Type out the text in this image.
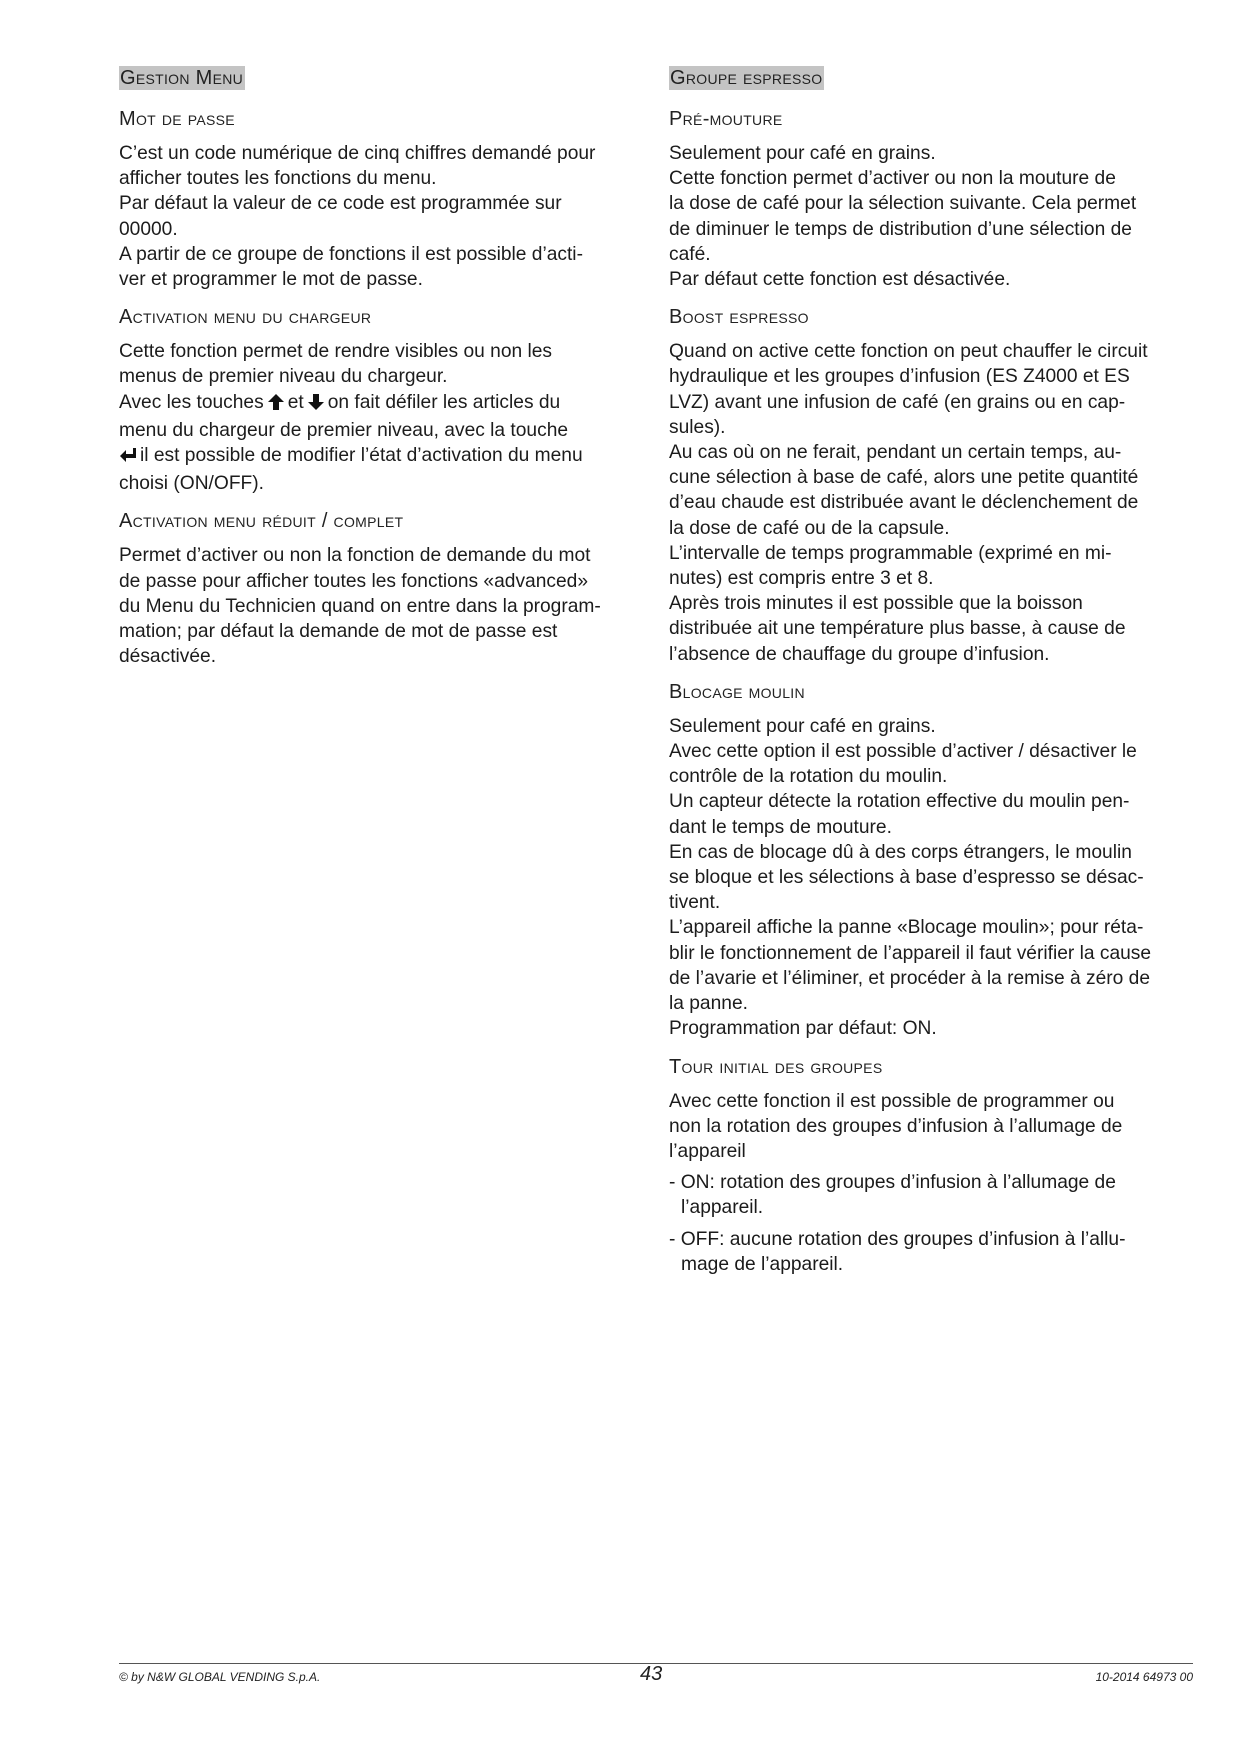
Gestion Menu
Mot de passe
C’est un code numérique de cinq chiffres demandé pour
afficher toutes les fonctions du menu.
Par défaut la valeur de ce code est programmée sur
00000.
A partir de ce groupe de fonctions il est possible d’acti-
ver et programmer le mot de passe.
Activation menu du chargeur
Cette fonction permet de rendre visibles ou non les
menus de premier niveau du chargeur.
Avec les touches et on fait défiler les articles du
menu du chargeur de premier niveau, avec la touche
il est possible de modifier l’état d’activation du menu
choisi (ON/OFF).
Activation menu réduit / complet
Permet d’activer ou non la fonction de demande du mot
de passe pour afficher toutes les fonctions «advanced»
du Menu du Technicien quand on entre dans la program-
mation; par défaut la demande de mot de passe est
désactivée.
Groupe espresso
Pré-mouture
Seulement pour café en grains.
Cette fonction permet d’activer ou non la mouture de
la dose de café pour la sélection suivante. Cela permet
de diminuer le temps de distribution d’une sélection de
café.
Par défaut cette fonction est désactivée.
Boost espresso
Quand on active cette fonction on peut chauffer le circuit
hydraulique et les groupes d’infusion (ES Z4000 et ES
LVZ) avant une infusion de café (en grains ou en cap-
sules).
Au cas où on ne ferait, pendant un certain temps, au-
cune sélection à base de café, alors une petite quantité
d’eau chaude est distribuée avant le déclenchement de
la dose de café ou de la capsule.
L’intervalle de temps programmable (exprimé en mi-
nutes) est compris entre 3 et 8.
Après trois minutes il est possible que la boisson
distribuée ait une température plus basse, à cause de
l’absence de chauffage du groupe d’infusion.
Blocage moulin
Seulement pour café en grains.
Avec cette option il est possible d’activer / désactiver le
contrôle de la rotation du moulin.
Un capteur détecte la rotation effective du moulin pen-
dant le temps de mouture.
En cas de blocage dû à des corps étrangers, le moulin
se bloque et les sélections à base d’espresso se désac-
tivent.
L’appareil affiche la panne «Blocage moulin»; pour réta-
blir le fonctionnement de l’appareil il faut vérifier la cause
de l’avarie et l’éliminer, et procéder à la remise à zéro de
la panne.
Programmation par défaut: ON.
Tour initial des groupes
Avec cette fonction il est possible de programmer ou
non la rotation des groupes d’infusion à l’allumage de
l’appareil
- ON: rotation des groupes d’infusion à l’allumage de
l’appareil.
- OFF: aucune rotation des groupes d’infusion à l’allu-
mage de l’appareil.
© by N&W GLOBAL VENDING S.p.A.	43	10-2014 64973 00
